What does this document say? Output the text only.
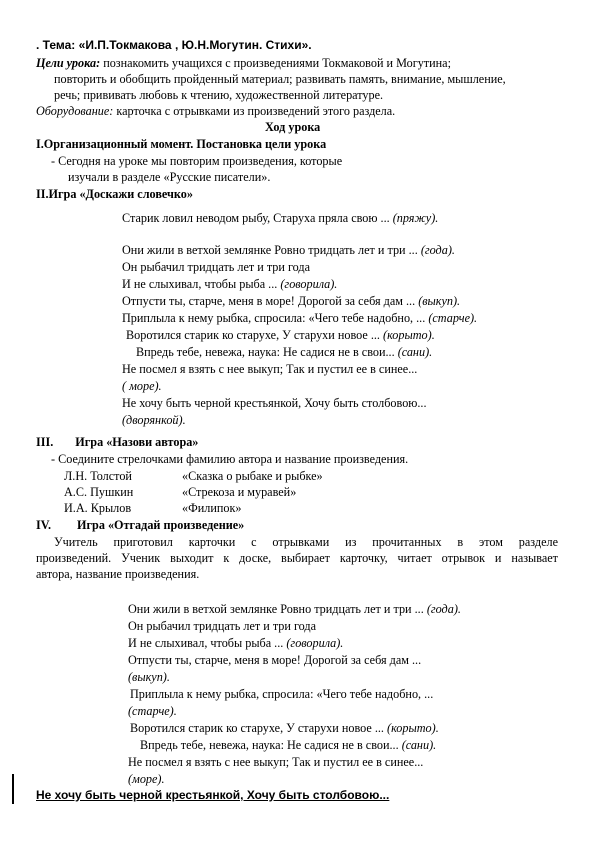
. Тема: «И.П.Токмакова , Ю.Н.Могутин. Стихи».
Цели урока: познакомить учащихся с произведениями Токмаковой и Могутина;
повторить и обобщить пройденный материал; развивать память, внимание, мышление,
речь; прививать любовь к чтению, художественной литературе.
Оборудование: карточка с отрывками из произведений этого раздела.
Ход урока
I.Организационный момент. Постановка цели урока
- Сегодня на уроке мы повторим произведения, которые
изучали в разделе «Русские писатели».
II.Игра «Доскажи словечко»
Старик ловил неводом рыбу, Старуха пряла свою ... (пряжу).
Они жили в ветхой землянке Ровно тридцать лет и три ... (года).
Он рыбачил тридцать лет и три года
И не слыхивал, чтобы рыба ... (говорила).
Отпусти ты, старче, меня в море! Дорогой за себя дам ... (выкуп).
Приплыла к нему рыбка, спросила: «Чего тебе надобно, ... (старче).
Воротился старик ко старухе, У старухи новое ... (корыто).
Впредь тебе, невежа, наука: Не садися не в свои... (сани).
Не посмел я взять с нее выкуп; Так и пустил ее в синее...
( море).
Не хочу быть черной крестьянкой, Хочу быть столбовою...
(дворянкой).
III. Игра «Назови автора»
- Соедините стрелочками фамилию автора и название произведения.
Л.Н. Толстой	«Сказка о рыбаке и рыбке»
А.С. Пушкин	«Стрекоза и муравей»
И.А. Крылов	«Филипок»
IV. Игра «Отгадай произведение»
Учитель приготовил карточки с отрывками из прочитанных в этом разделе
произведений. Ученик выходит к доске, выбирает карточку, читает отрывок и называет
автора, название произведения.
Они жили в ветхой землянке Ровно тридцать лет и три ... (года).
Он рыбачил тридцать лет и три года
И не слыхивал, чтобы рыба ... (говорила).
Отпусти ты, старче, меня в море! Дорогой за себя дам ...
(выкуп).
Приплыла к нему рыбка, спросила: «Чего тебе надобно, ...
(старче).
Воротился старик ко старухе, У старухи новое ... (корыто).
Впредь тебе, невежа, наука: Не садися не в свои... (сани).
Не посмел я взять с нее выкуп; Так и пустил ее в синее...
(море).
Не хочу быть черной крестьянкой, Хочу быть столбовою...
